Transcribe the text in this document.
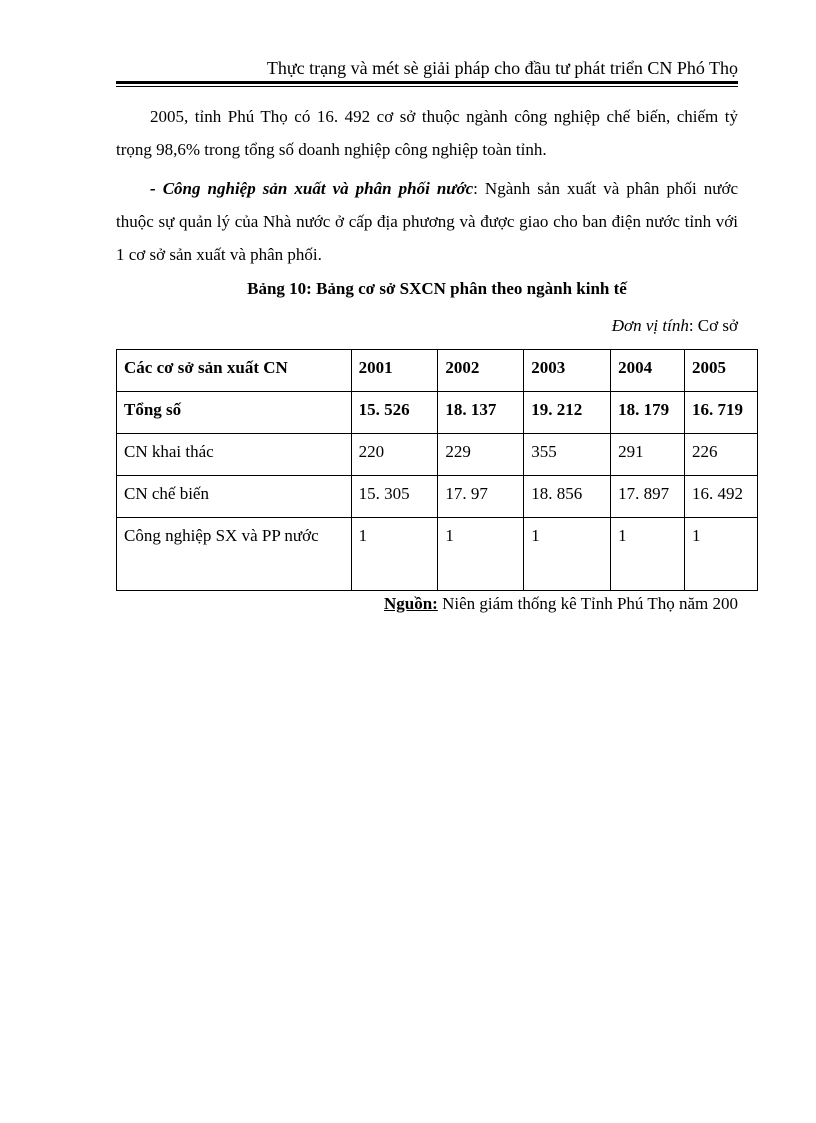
Thực trạng và mét sè giải pháp cho đầu tư phát triển CN Phó Thọ
2005, tỉnh Phú Thọ có 16. 492 cơ sở thuộc ngành công nghiệp chế biến, chiếm tỷ trọng 98,6% trong tổng số doanh nghiệp công nghiệp toàn tỉnh.
- Công nghiệp sản xuất và phân phối nước: Ngành sản xuất và phân phối nước thuộc sự quản lý của Nhà nước ở cấp địa phương và được giao cho ban điện nước tỉnh với 1 cơ sở sản xuất và phân phối.
Bảng 10: Bảng cơ sở SXCN phân theo ngành kinh tế
Đơn vị tính: Cơ sở
Các cơ sở sản xuất CN	2001	2002	2003	2004	2005
Tổng số	15. 526	18. 137	19. 212	18. 179	16. 719
CN khai thác	220	229	355	291	226
CN chế biến	15. 305	17. 97	18. 856	17. 897	16. 492
Công nghiệp SX và PP nước	1	1	1	1	1
Nguồn: Niên giám thống kê Tỉnh Phú Thọ năm 200
